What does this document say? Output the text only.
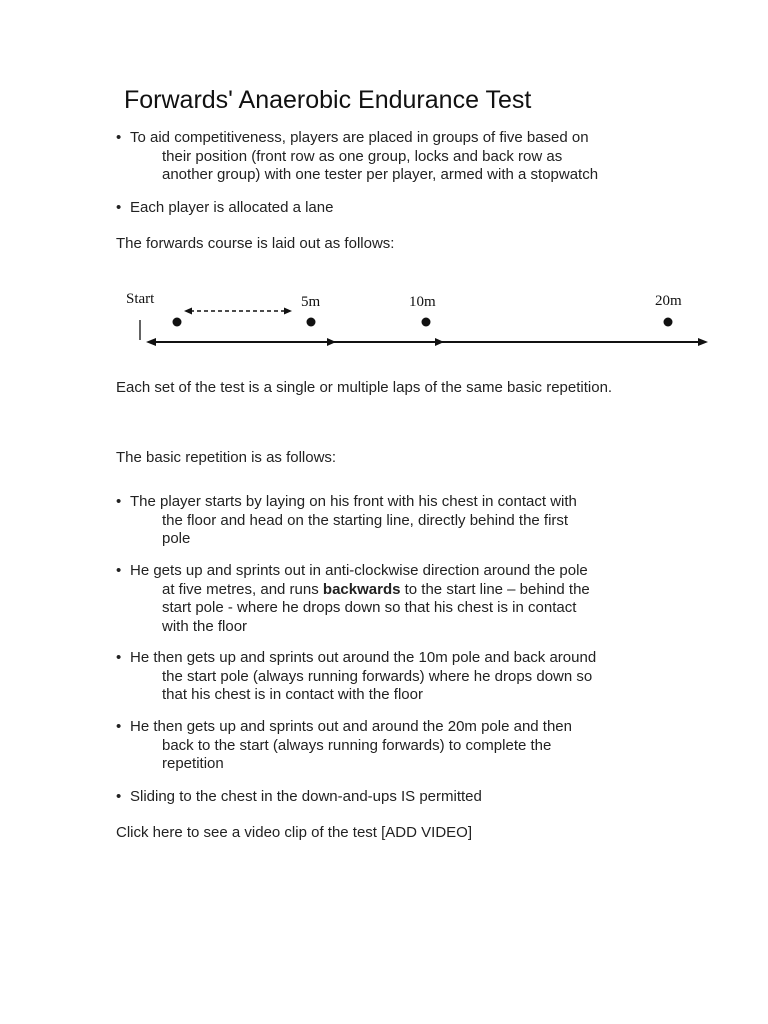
Forwards' Anaerobic Endurance Test
• To aid competitiveness, players are placed in groups of five based on
their position (front row as one group, locks and back row as
another group) with one tester per player, armed with a stopwatch
• Each player is allocated a lane

The forwards course is laid out as follows:

Start	5m	10m	20m

Each set of the test is a single or multiple laps of the same basic repetition.

The basic repetition is as follows:

• The player starts by laying on his front with his chest in contact with
the floor and head on the starting line, directly behind the first
pole
• He gets up and sprints out in anti-clockwise direction around the pole
at five metres, and runs backwards to the start line – behind the
start pole - where he drops down so that his chest is in contact
with the floor
• He then gets up and sprints out around the 10m pole and back around
the start pole (always running forwards) where he drops down so
that his chest is in contact with the floor
• He then gets up and sprints out and around the 20m pole and then
back to the start (always running forwards) to complete the
repetition
• Sliding to the chest in the down-and-ups IS permitted

Click here to see a video clip of the test [ADD VIDEO]
